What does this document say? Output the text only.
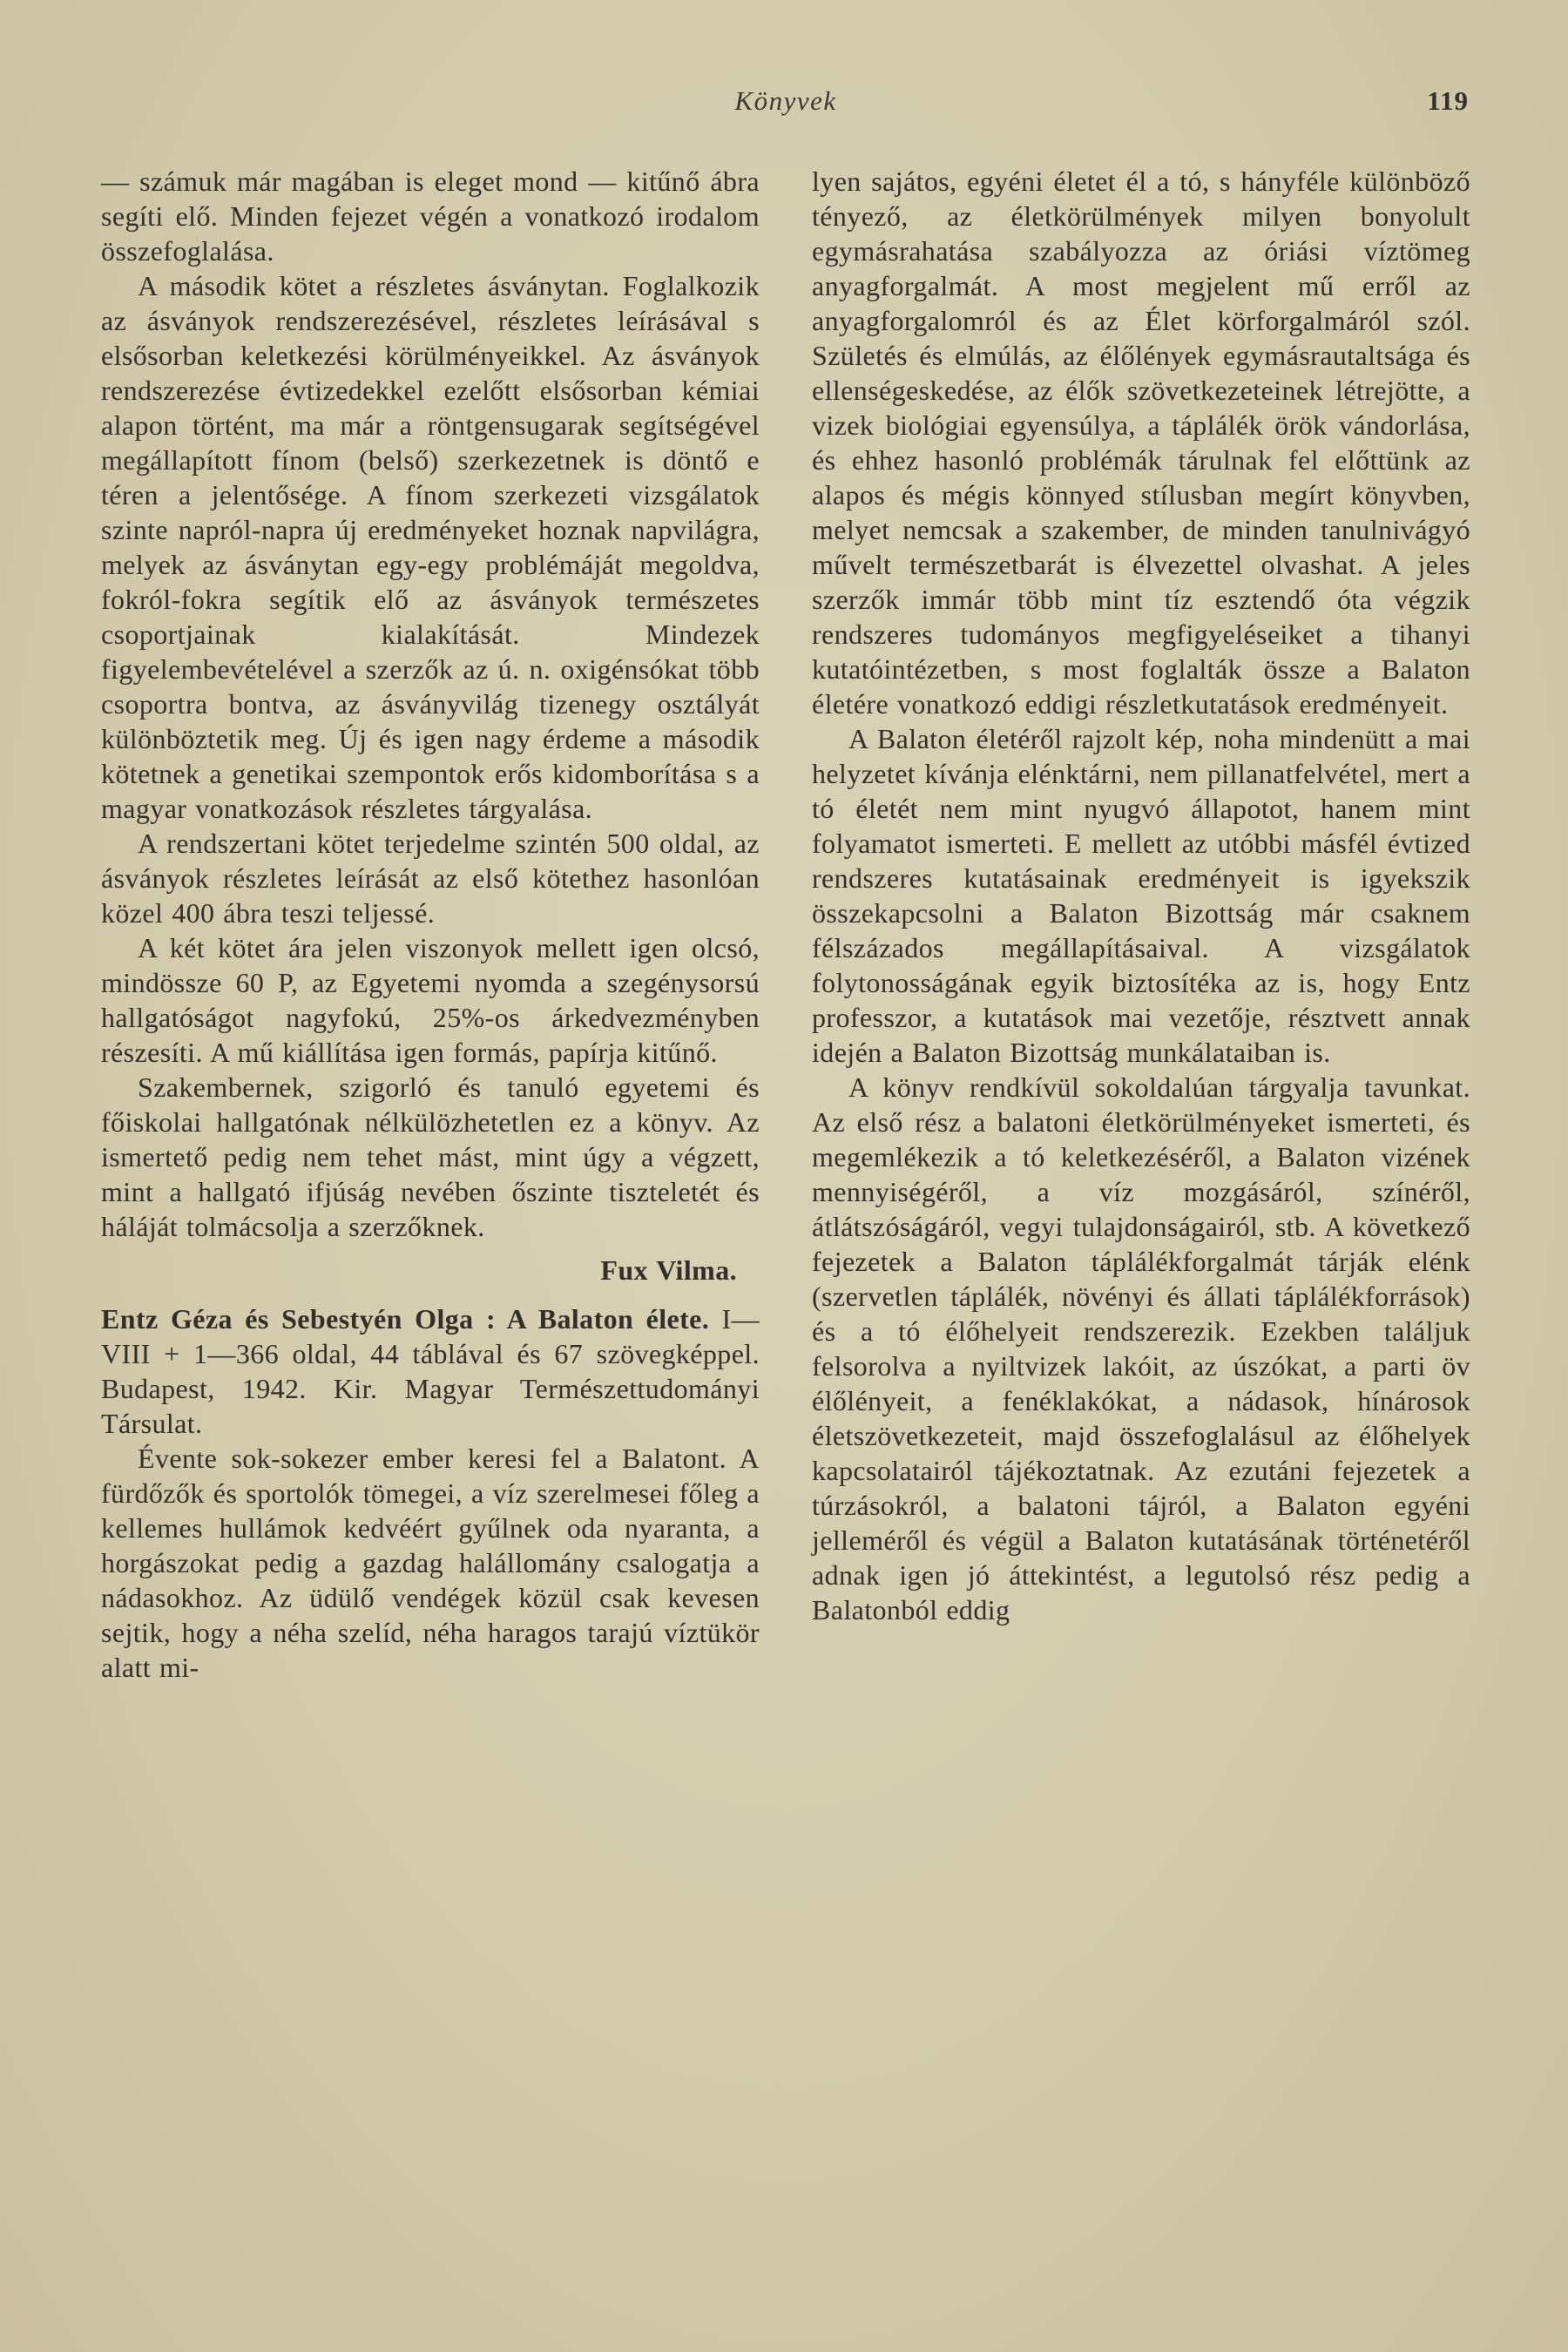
Könyvek	119

— számuk már magában is eleget mond — kitűnő ábra segíti elő. Minden fejezet végén a vonatkozó irodalom összefoglalása.

A második kötet a részletes ásványtan. Foglalkozik az ásványok rendszerezésével, részletes leírásával s elsősorban keletkezési körülményeikkel. Az ásványok rendszerezése évtizedekkel ezelőtt elsősorban kémiai alapon történt, ma már a röntgensugarak segítségével megállapított fínom (belső) szerkezetnek is döntő e téren a jelentősége. A fínom szerkezeti vizsgálatok szinte napról-napra új eredményeket hoznak napvilágra, melyek az ásványtan egy-egy problémáját megoldva, fokról-fokra segítik elő az ásványok természetes csoportjainak kialakítását. Mindezek figyelembevételével a szerzők az ú. n. oxigénsókat több csoportra bontva, az ásványvilág tizenegy osztályát különböztetik meg. Új és igen nagy érdeme a második kötetnek a genetikai szempontok erős kidomborítása s a magyar vonatkozások részletes tárgyalása.

A rendszertani kötet terjedelme szintén 500 oldal, az ásványok részletes leírását az első kötethez hasonlóan közel 400 ábra teszi teljessé.

A két kötet ára jelen viszonyok mellett igen olcsó, mindössze 60 P, az Egyetemi nyomda a szegénysorsú hallgatóságot nagyfokú, 25%-os árkedvezményben részesíti. A mű kiállítása igen formás, papírja kitűnő.

Szakembernek, szigorló és tanuló egyetemi és főiskolai hallgatónak nélkülözhetetlen ez a könyv. Az ismertető pedig nem tehet mást, mint úgy a végzett, mint a hallgató ifjúság nevében őszinte tiszteletét és háláját tolmácsolja a szerzőknek.

Fux Vilma.

Entz Géza és Sebestyén Olga : A Balaton élete. I—VIII + 1—366 oldal, 44 táblával és 67 szövegképpel. Budapest, 1942. Kir. Magyar Természettudományi Társulat.

Évente sok-sokezer ember keresi fel a Balatont. A fürdőzők és sportolók tömegei, a víz szerelmesei főleg a kellemes hullámok kedvéért gyűlnek oda nyaranta, a horgászokat pedig a gazdag halállomány csalogatja a nádasokhoz. Az üdülő vendégek közül csak kevesen sejtik, hogy a néha szelíd, néha haragos tarajú víztükör alatt mi-

lyen sajátos, egyéni életet él a tó, s hányféle különböző tényező, az életkörülmények milyen bonyolult egymásrahatása szabályozza az óriási víztömeg anyagforgalmát. A most megjelent mű erről az anyagforgalomról és az Élet körforgalmáról szól. Születés és elmúlás, az élőlények egymásrautaltsága és ellenségeskedése, az élők szövetkezeteinek létrejötte, a vizek biológiai egyensúlya, a táplálék örök vándorlása, és ehhez hasonló problémák tárulnak fel előttünk az alapos és mégis könnyed stílusban megírt könyvben, melyet nemcsak a szakember, de minden tanulnivágyó művelt természetbarát is élvezettel olvashat. A jeles szerzők immár több mint tíz esztendő óta végzik rendszeres tudományos megfigyeléseiket a tihanyi kutatóintézetben, s most foglalták össze a Balaton életére vonatkozó eddigi részletkutatások eredményeit.

A Balaton életéről rajzolt kép, noha mindenütt a mai helyzetet kívánja elénktárni, nem pillanatfelvétel, mert a tó életét nem mint nyugvó állapotot, hanem mint folyamatot ismerteti. E mellett az utóbbi másfél évtized rendszeres kutatásainak eredményeit is igyekszik összekapcsolni a Balaton Bizottság már csaknem félszázados megállapításaival. A vizsgálatok folytonosságának egyik biztosítéka az is, hogy Entz professzor, a kutatások mai vezetője, résztvett annak idején a Balaton Bizottság munkálataiban is.

A könyv rendkívül sokoldalúan tárgyalja tavunkat. Az első rész a balatoni életkörülményeket ismerteti, és megemlékezik a tó keletkezéséről, a Balaton vizének mennyiségéről, a víz mozgásáról, színéről, átlátszóságáról, vegyi tulajdonságairól, stb. A következő fejezetek a Balaton táplálékforgalmát tárják elénk (szervetlen táplálék, növényi és állati táplálékforrások) és a tó élőhelyeit rendszerezik. Ezekben találjuk felsorolva a nyiltvizek lakóit, az úszókat, a parti öv élőlényeit, a fenéklakókat, a nádasok, hínárosok életszövetkezeteit, majd összefoglalásul az élőhelyek kapcsolatairól tájékoztatnak. Az ezutáni fejezetek a túrzásokról, a balatoni tájról, a Balaton egyéni jelleméről és végül a Balaton kutatásának történetéről adnak igen jó áttekintést, a legutolsó rész pedig a Balatonból eddig
